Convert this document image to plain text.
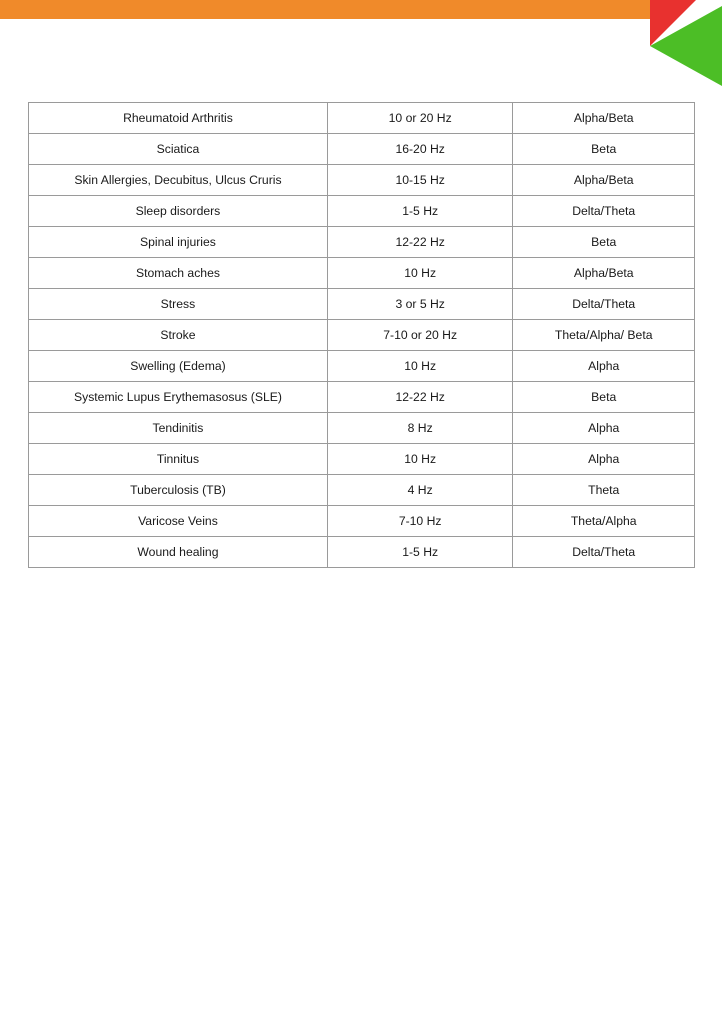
Rheumatoid Arthritis	10 or 20 Hz	Alpha/Beta
Sciatica	16-20 Hz	Beta
Skin Allergies, Decubitus, Ulcus Cruris	10-15 Hz	Alpha/Beta
Sleep disorders	1-5 Hz	Delta/Theta
Spinal injuries	12-22 Hz	Beta
Stomach aches	10 Hz	Alpha/Beta
Stress	3 or 5 Hz	Delta/Theta
Stroke	7-10 or 20 Hz	Theta/Alpha/ Beta
Swelling (Edema)	10 Hz	Alpha
Systemic Lupus Erythemasosus (SLE)	12-22 Hz	Beta
Tendinitis	8 Hz	Alpha
Tinnitus	10 Hz	Alpha
Tuberculosis (TB)	4 Hz	Theta
Varicose Veins	7-10 Hz	Theta/Alpha
Wound healing	1-5 Hz	Delta/Theta
